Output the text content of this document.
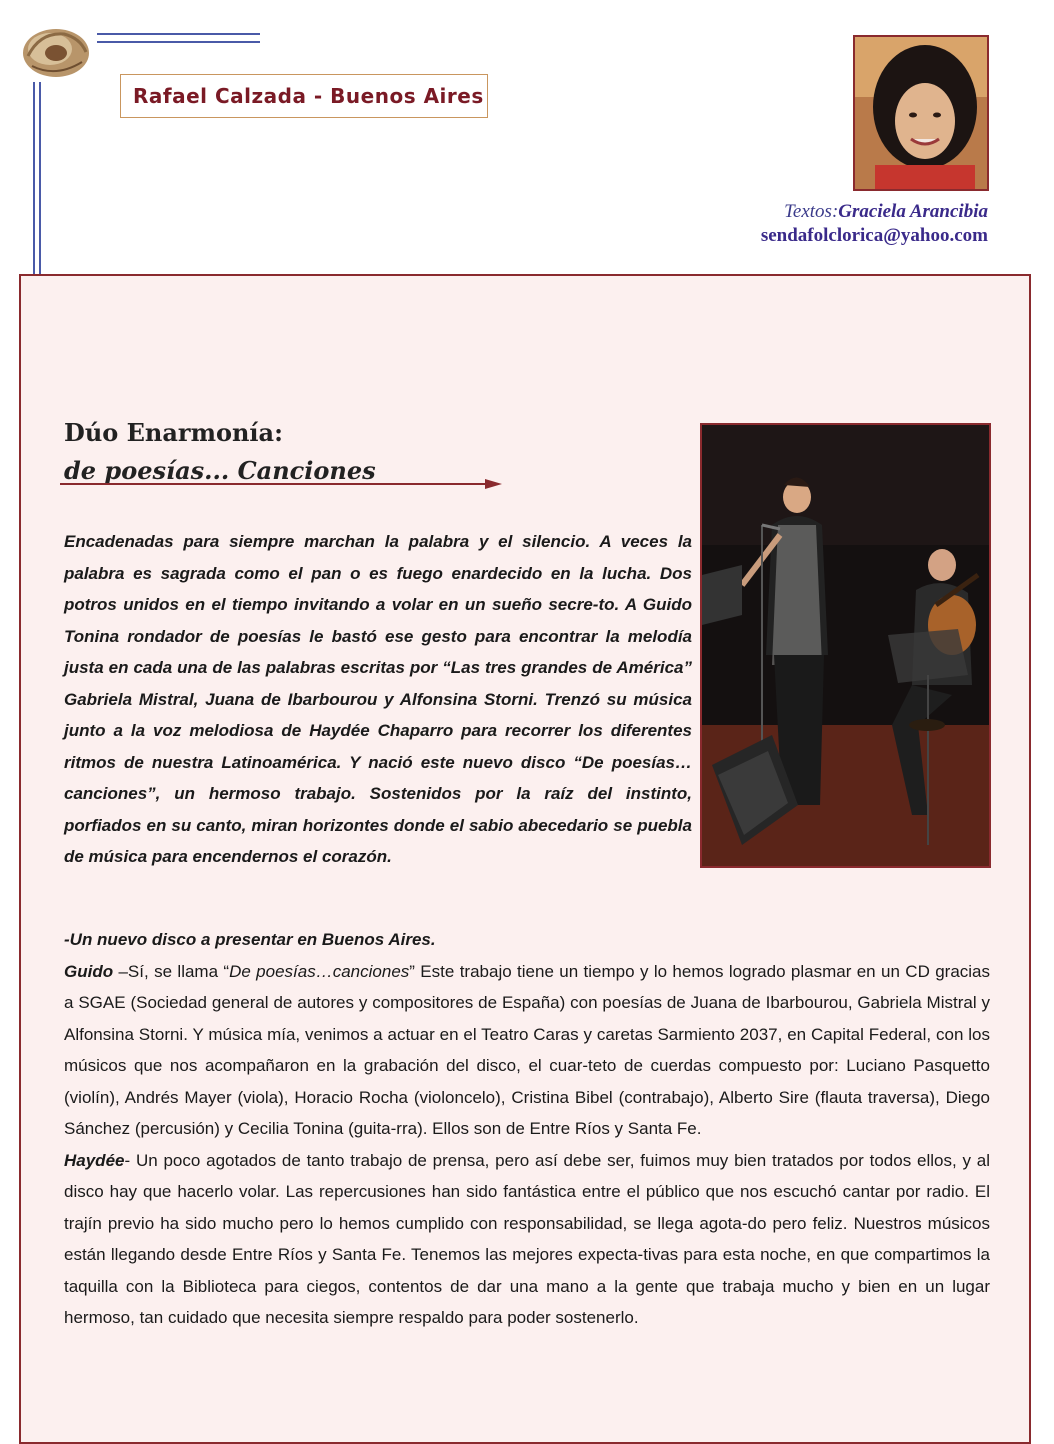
Rafael Calzada - Buenos Aires
Textos:Graciela Arancibia
sendafolclorica@yahoo.com
Dúo Enarmonía:
de poesías... Canciones

Encadenadas para siempre marchan la palabra y el silencio. A veces la palabra es sagrada como el pan o es fuego enardecido en la lucha. Dos potros unidos en el tiempo invitando a volar en un sueño secre-to. A Guido Tonina rondador de poesías le bastó ese gesto para encontrar la melodía justa en cada una de las palabras escritas por “Las tres grandes de América” Gabriela Mistral, Juana de Ibarbourou y Alfonsina Storni. Trenzó su música junto a la voz melodiosa de Haydée Chaparro para recorrer los diferentes ritmos de nuestra Latinoamérica. Y nació este nuevo disco “De poesías…canciones”, un hermoso trabajo. Sostenidos por la raíz del instinto, porfiados en su canto, miran horizontes donde el sabio abecedario se puebla de música para encendernos el corazón.

-Un nuevo disco a presentar en Buenos Aires.

Guido –Sí, se llama “De poesías…canciones” Este trabajo tiene un tiempo y lo hemos logrado plasmar en un CD gracias a SGAE (Sociedad general de autores y compositores de España) con poesías de Juana de Ibarbourou, Gabriela Mistral y Alfonsina Storni. Y música mía, venimos a actuar en el Teatro Caras y caretas Sarmiento 2037, en Capital Federal, con los músicos que nos acompañaron en la grabación del disco, el cuar-teto de cuerdas compuesto por: Luciano Pasquetto (violín), Andrés Mayer (viola), Horacio Rocha (violoncelo), Cristina Bibel (contrabajo), Alberto Sire (flauta traversa), Diego Sánchez (percusión) y Cecilia Tonina (guita-rra). Ellos son de Entre Ríos y Santa Fe.

Haydée- Un poco agotados de tanto trabajo de prensa, pero así debe ser, fuimos muy bien tratados por todos ellos, y al disco hay que hacerlo volar. Las repercusiones han sido fantástica entre el público que nos escuchó cantar por radio. El trajín previo ha sido mucho pero lo hemos cumplido con responsabilidad, se llega agota-do pero feliz. Nuestros músicos están llegando desde Entre Ríos y Santa Fe. Tenemos las mejores expecta-tivas para esta noche, en que compartimos la taquilla con la Biblioteca para ciegos, contentos de dar una mano a la gente que trabaja mucho y bien en un lugar hermoso, tan cuidado que necesita siempre respaldo para poder sostenerlo.
